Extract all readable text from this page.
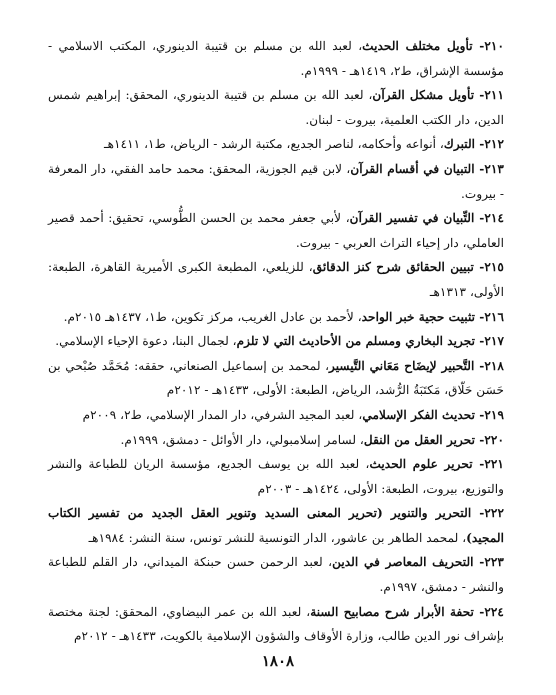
٢١٠- تأويل مختلف الحديث، لعبد الله بن مسلم بن قتيبة الدينوري، المكتب الاسلامي - مؤسسة الإشراق، ط٢، ١٤١٩هـ - ١٩٩٩م.

٢١١- تأويل مشكل القرآن، لعبد الله بن مسلم بن قتيبة الدينوري، المحقق: إبراهيم شمس الدين، دار الكتب العلمية، بيروت - لبنان.

٢١٢- التبرك، أنواعه وأحكامه، لناصر الجديع، مكتبة الرشد - الرياض، ط١، ١٤١١هـ

٢١٣- التبيان في أقسام القرآن، لابن قيم الجوزية، المحقق: محمد حامد الفقي، دار المعرفة - بيروت.

٢١٤- التِّبيان في تفسير القرآن، لأبي جعفر محمد بن الحسن الطُّوسي، تحقيق: أحمد قصير العاملي، دار إحياء التراث العربي - بيروت.

٢١٥- تبيين الحقائق شرح كنز الدقائق، للزيلعي، المطبعة الكبرى الأميرية القاهرة، الطبعة: الأولى، ١٣١٣هـ

٢١٦- تثبيت حجية خبر الواحد، لأحمد بن عادل الغريب، مركز تكوين، ط١، ١٤٣٧هـ ٢٠١٥م.

٢١٧- تجريد البخاري ومسلم من الأحاديث التي لا تلزم، لجمال البنا، دعوة الإحياء الإسلامي.

٢١٨- التَّحبير لإيضَاح مَعَاني التَّيسير، لمحمد بن إسماعيل الصنعاني، حققه: مُحَمَّد صُبْحي بن حَسَن حَلّاق، مَكتَبَةُ الرُّشد، الرياض، الطبعة: الأولى، ١٤٣٣هـ - ٢٠١٢م

٢١٩- تحديث الفكر الإسلامي، لعبد المجيد الشرفي، دار المدار الإسلامي، ط٢، ٢٠٠٩م

٢٢٠- تحرير العقل من النقل، لسامر إسلامبولي، دار الأوائل - دمشق، ١٩٩٩م.

٢٢١- تحرير علوم الحديث، لعبد الله بن يوسف الجديع، مؤسسة الريان للطباعة والنشر والتوزيع، بيروت، الطبعة: الأولى، ١٤٢٤هـ - ٢٠٠٣م

٢٢٢- التحرير والتنوير (تحرير المعنى السديد وتنوير العقل الجديد من تفسير الكتاب المجيد)، لمحمد الطاهر بن عاشور، الدار التونسية للنشر تونس، سنة النشر: ١٩٨٤هـ

٢٢٣- التحريف المعاصر في الدين، لعبد الرحمن حسن حبنكة الميداني، دار القلم للطباعة والنشر - دمشق، ١٩٩٧م.

٢٢٤- تحفة الأبرار شرح مصابيح السنة، لعبد الله بن عمر البيضاوي، المحقق: لجنة مختصة بإشراف نور الدين طالب، وزارة الأوقاف والشؤون الإسلامية بالكويت، ١٤٣٣هـ - ٢٠١٢م

١٨٠٨
